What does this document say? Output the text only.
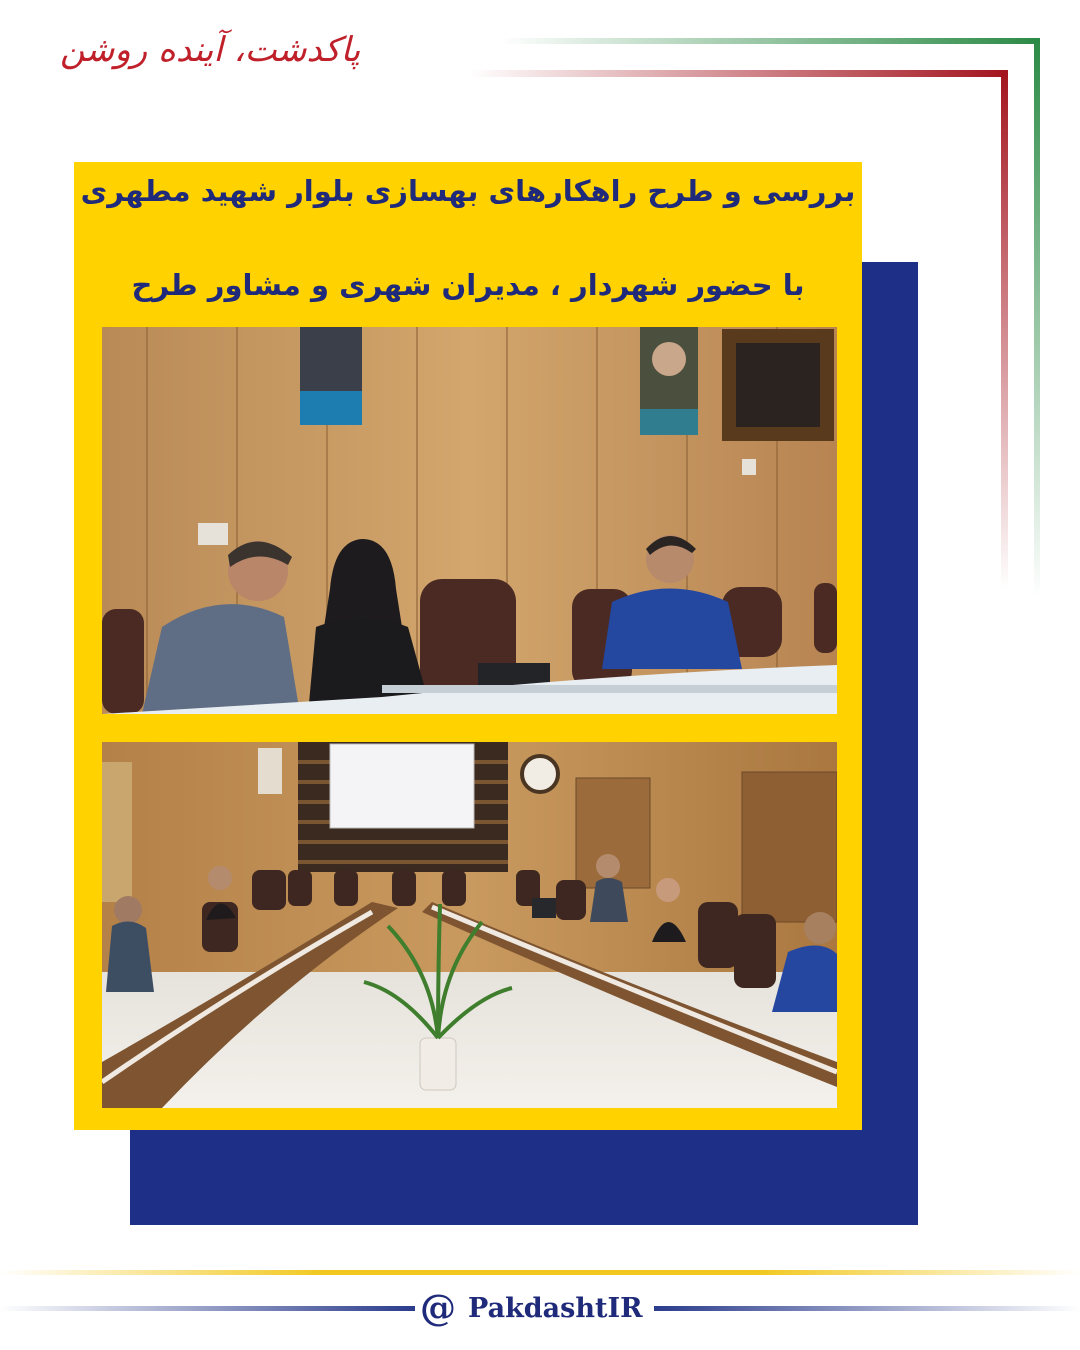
پاکدشت، آینده روشن
بررسی و طرح راهکارهای بهسازی بلوار شهید مطهری
با حضور شهردار ، مدیران شهری و مشاور طرح
@ PakdashtIR
